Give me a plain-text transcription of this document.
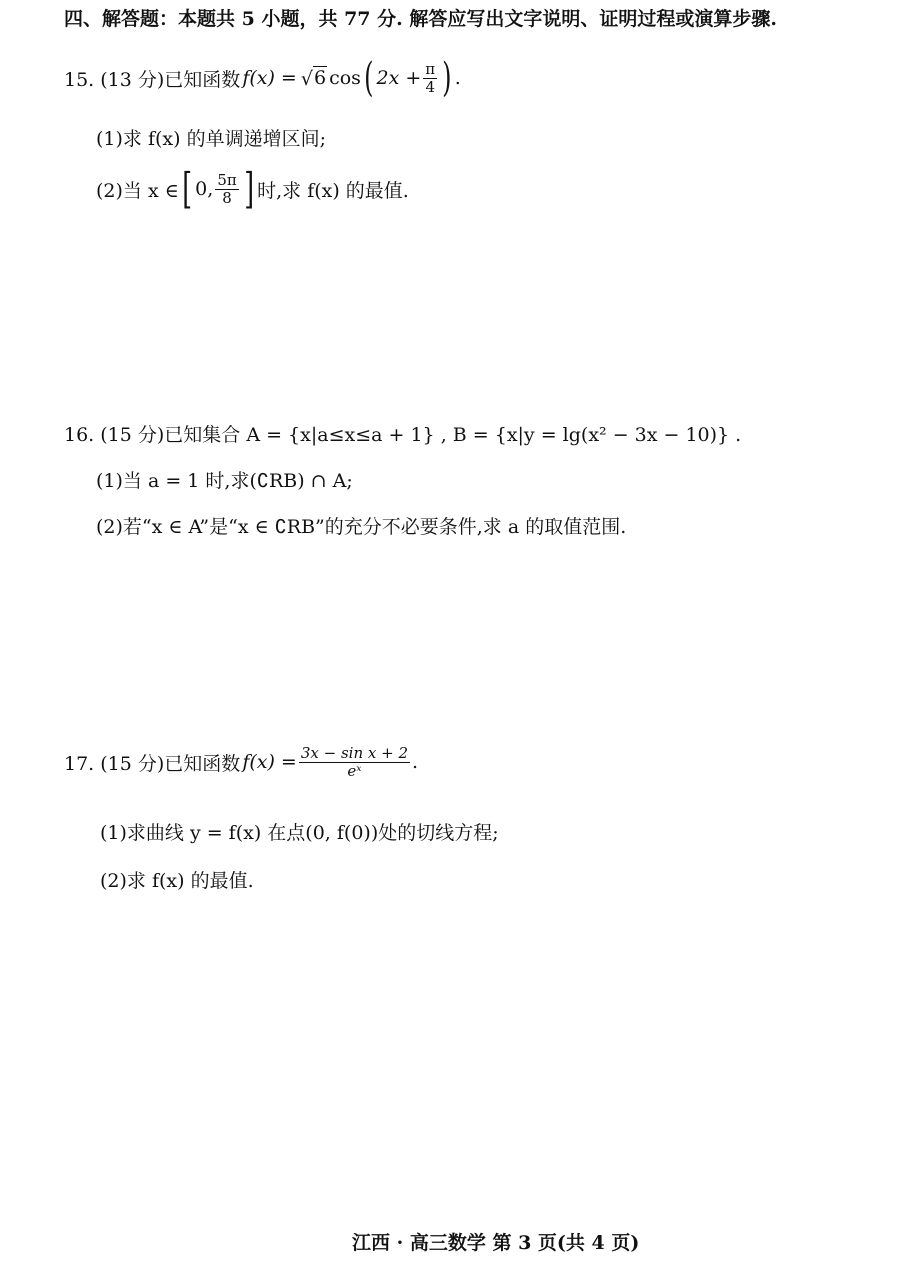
四、解答题：本题共 5 小题，共 77 分. 解答应写出文字说明、证明过程或演算步骤.
15. (13 分)已知函数 f(x) = √ 6 cos ( $2x + \frac{\pi}{4}$ ) .
(1)求 f(x) 的单调递增区间;
(2)当 x ∈ [ 0, $\frac{5\pi}{8}$ ] 时,求 f(x) 的最值.
16. (15 分)已知集合 A = {x|a≤x≤a + 1} , B = {x|y = lg(x² − 3x − 10)} .
(1)当 a = 1 时,求(∁RB) ∩ A;
(2)若“x ∈ A”是“x ∈ ∁RB”的充分不必要条件,求 a 的取值范围.
17. (15 分)已知函数 $f(x) = \frac{\text{3x − sin x + 2}}{\text{eˣ}}$ .
(1)求曲线 y = f(x) 在点(0, f(0))处的切线方程;
(2)求 f(x) 的最值.
江西 · 高三数学 第 3 页(共 4 页)
